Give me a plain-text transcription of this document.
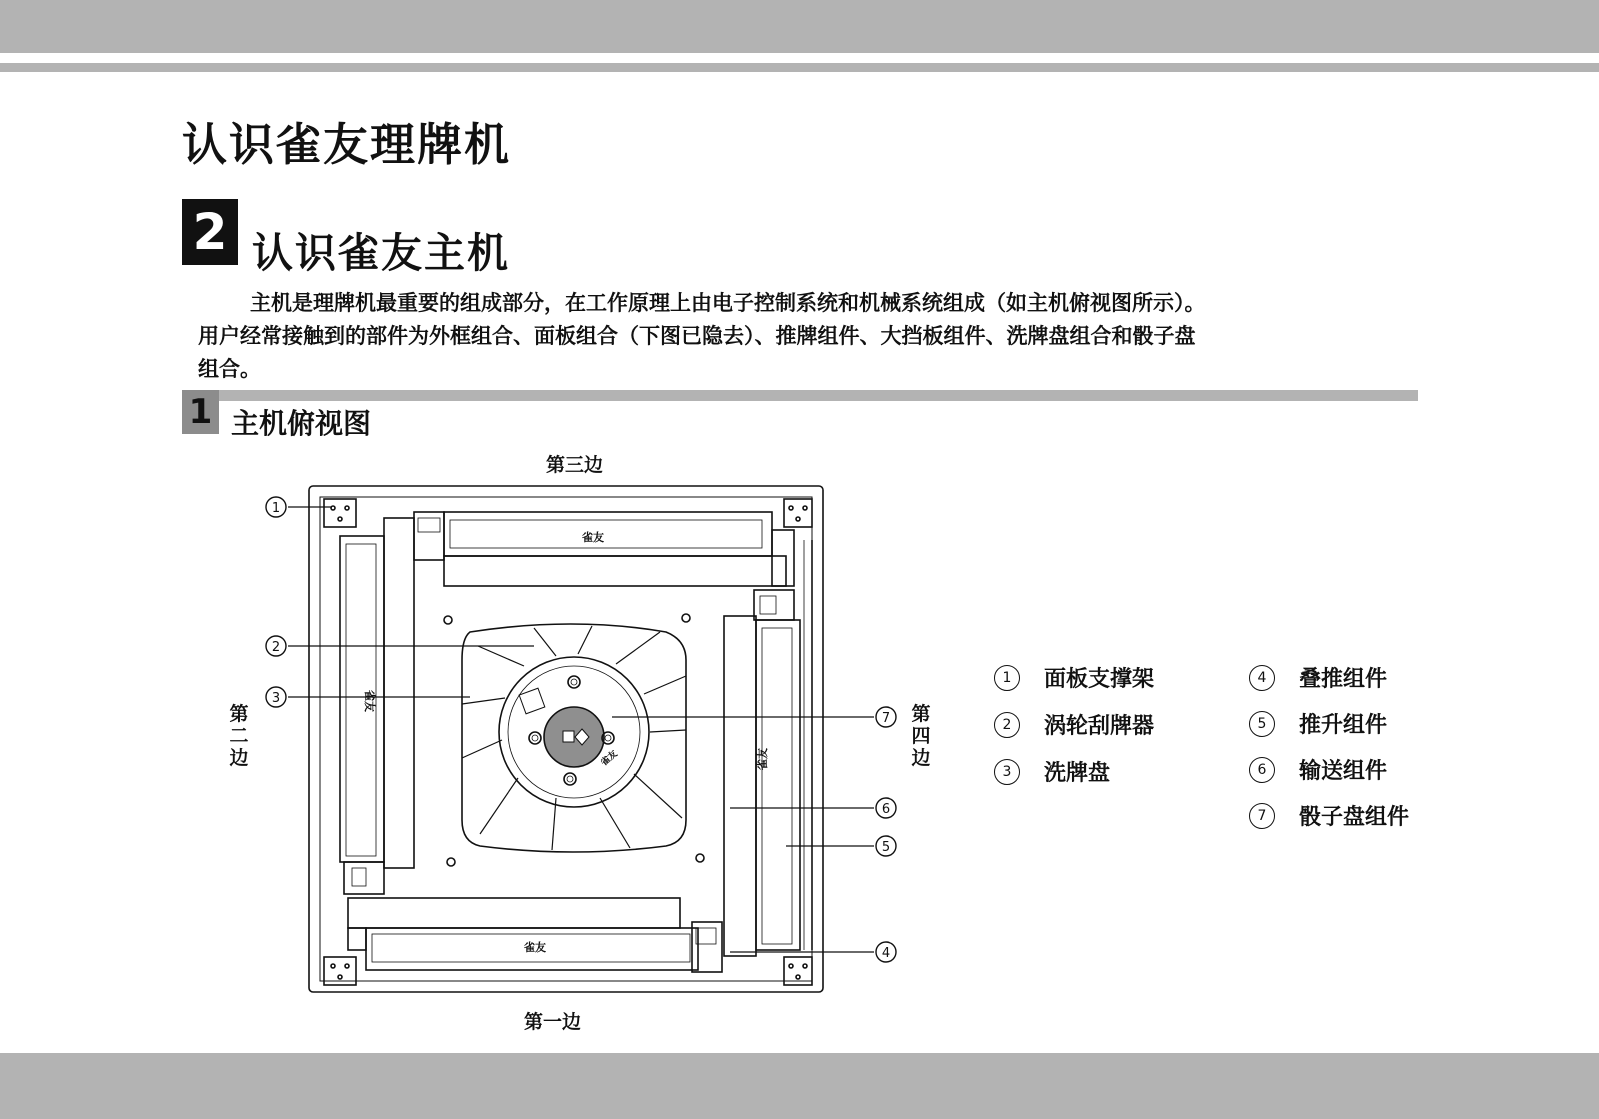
认识雀友理牌机
2 认识雀友主机
主机是理牌机最重要的组成部分，在工作原理上由电子控制系统和机械系统组成（如主机俯视图所示）。
用户经常接触到的部件为外框组合、面板组合（下图已隐去）、推牌组件、大挡板组件、洗牌盘组合和骰子盘
组合。
1 主机俯视图
第三边
第一边
第二边
第四边
雀友
雀友
雀友
雀友
雀友
1
2
3
4
5
6
7
1	面板支撑架
2	涡轮刮牌器
3	洗牌盘
4	叠推组件
5	推升组件
6	输送组件
7	骰子盘组件
